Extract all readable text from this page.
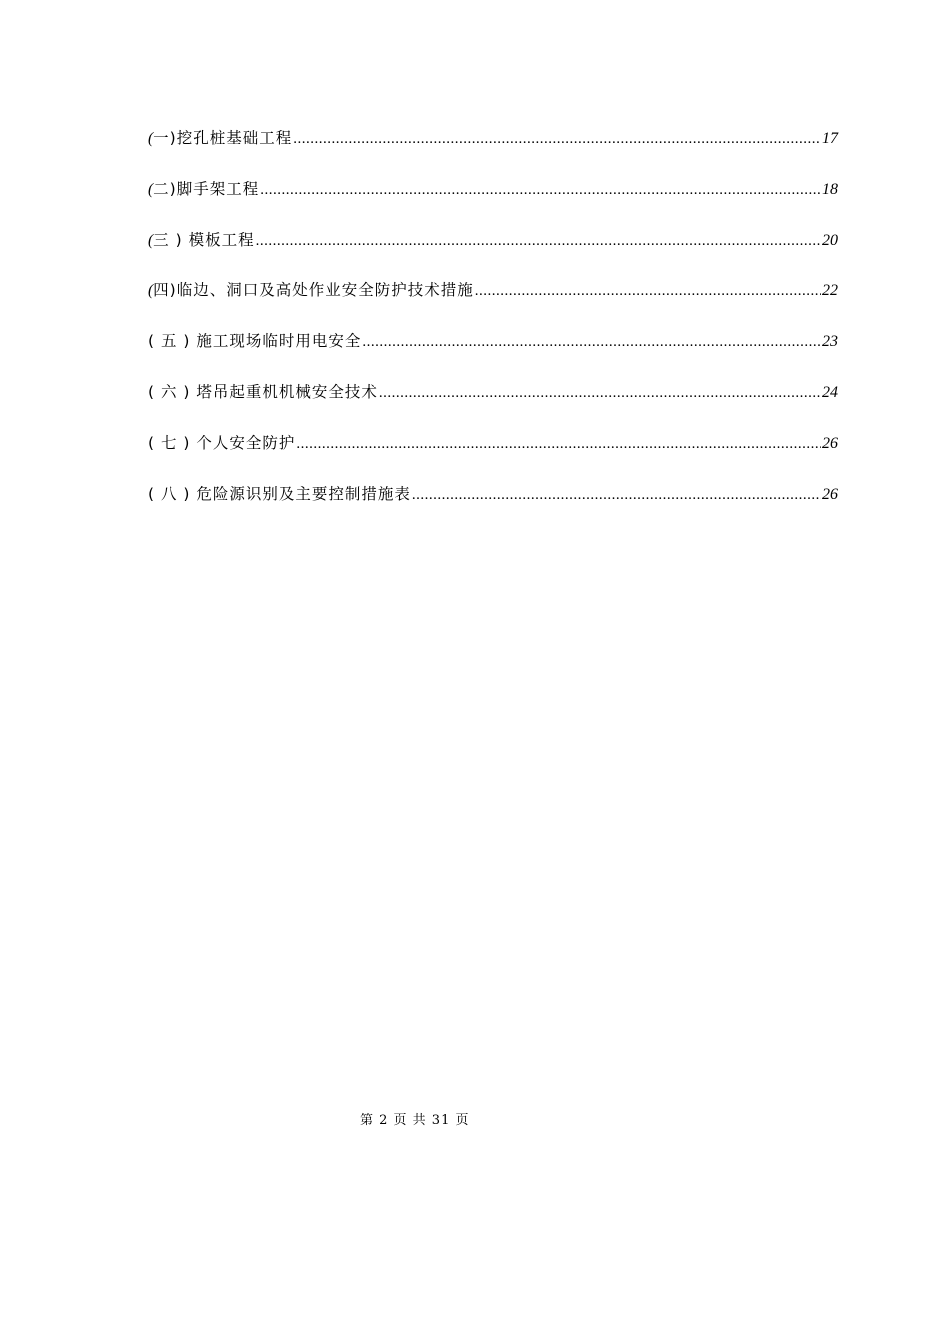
(一)挖孔桩基础工程 .....	17
(二)脚手架工程 .....	18
(三 ) 模板工程 .....	20
(四)临边、洞口及高处作业安全防护技术措施 .....	22
( 五 ) 施工现场临时用电安全 .....	23
( 六 ) 塔吊起重机机械安全技术 .....	24
( 七 ) 个人安全防护 .....	26
( 八 ) 危险源识别及主要控制措施表 .....	26
第 2 页 共 31 页
